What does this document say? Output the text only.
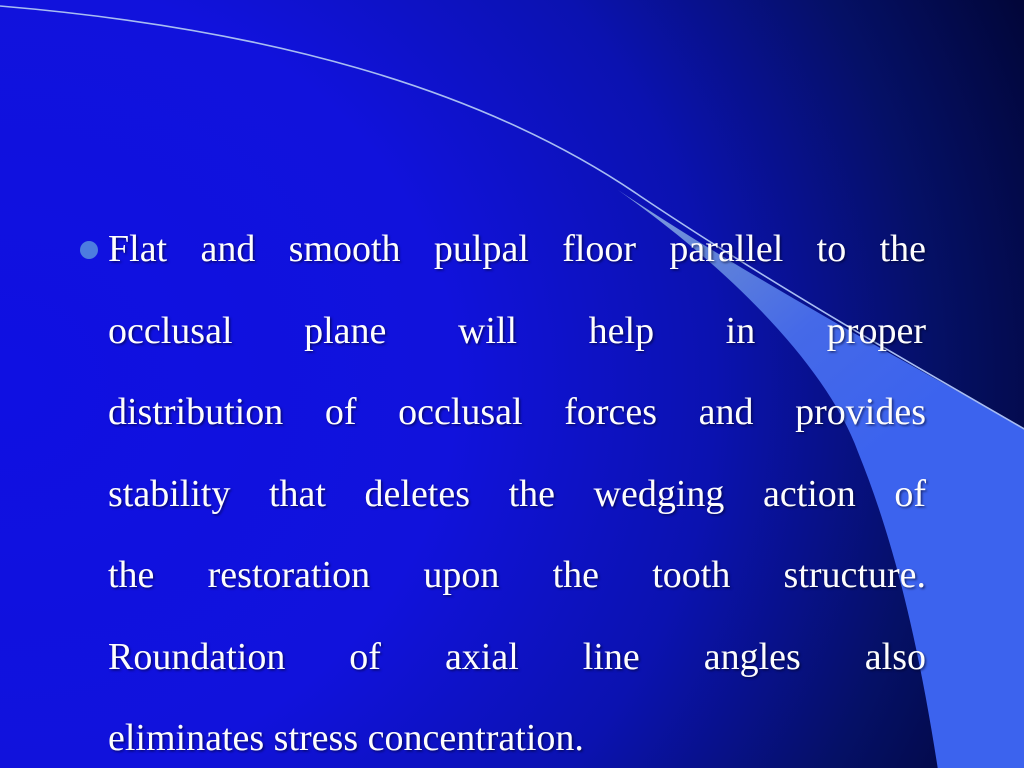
Flat and smooth pulpal floor parallel to the
occlusal plane will help in proper
distribution of occlusal forces and provides
stability that deletes the wedging action of
the restoration upon the tooth structure.
Roundation of axial line angles also
eliminates stress concentration.
